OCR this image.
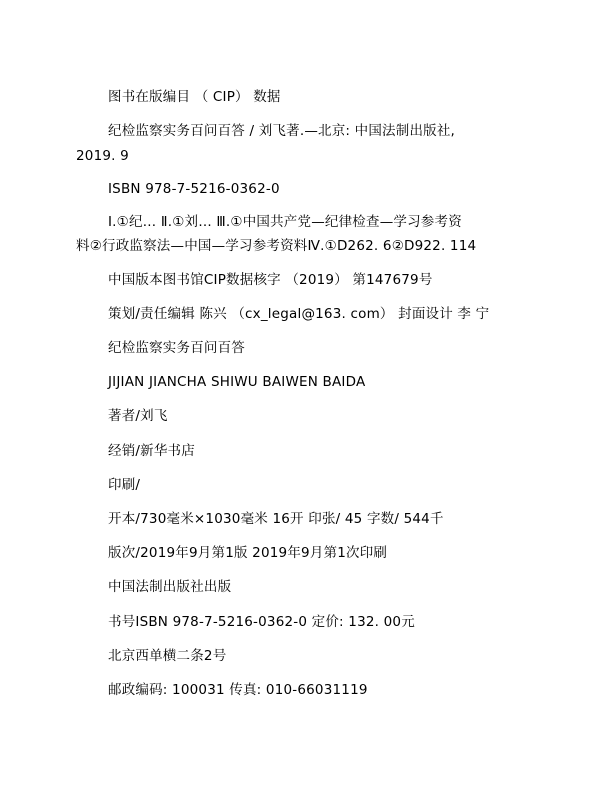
图书在版编目 （ CIP） 数据
纪检监察实务百问百答 / 刘飞著.—北京: 中国法制出版社,
2019. 9
ISBN 978-7-5216-0362-0
Ⅰ.①纪… Ⅱ.①刘… Ⅲ.①中国共产党—纪律检查—学习参考资
料②行政监察法—中国—学习参考资料Ⅳ.①D262. 6②D922. 114
中国版本图书馆CIP数据核字 （2019） 第147679号
策划/责任编辑 陈兴 （cx_legal@163. com） 封面设计 李 宁
纪检监察实务百问百答
JIJIAN JIANCHA SHIWU BAIWEN BAIDA
著者/刘飞
经销/新华书店
印刷/
开本/730毫米×1030毫米 16开 印张/ 45 字数/ 544千
版次/2019年9月第1版 2019年9月第1次印刷
中国法制出版社出版
书号ISBN 978-7-5216-0362-0 定价: 132. 00元
北京西单横二条2号
邮政编码: 100031 传真: 010-66031119
